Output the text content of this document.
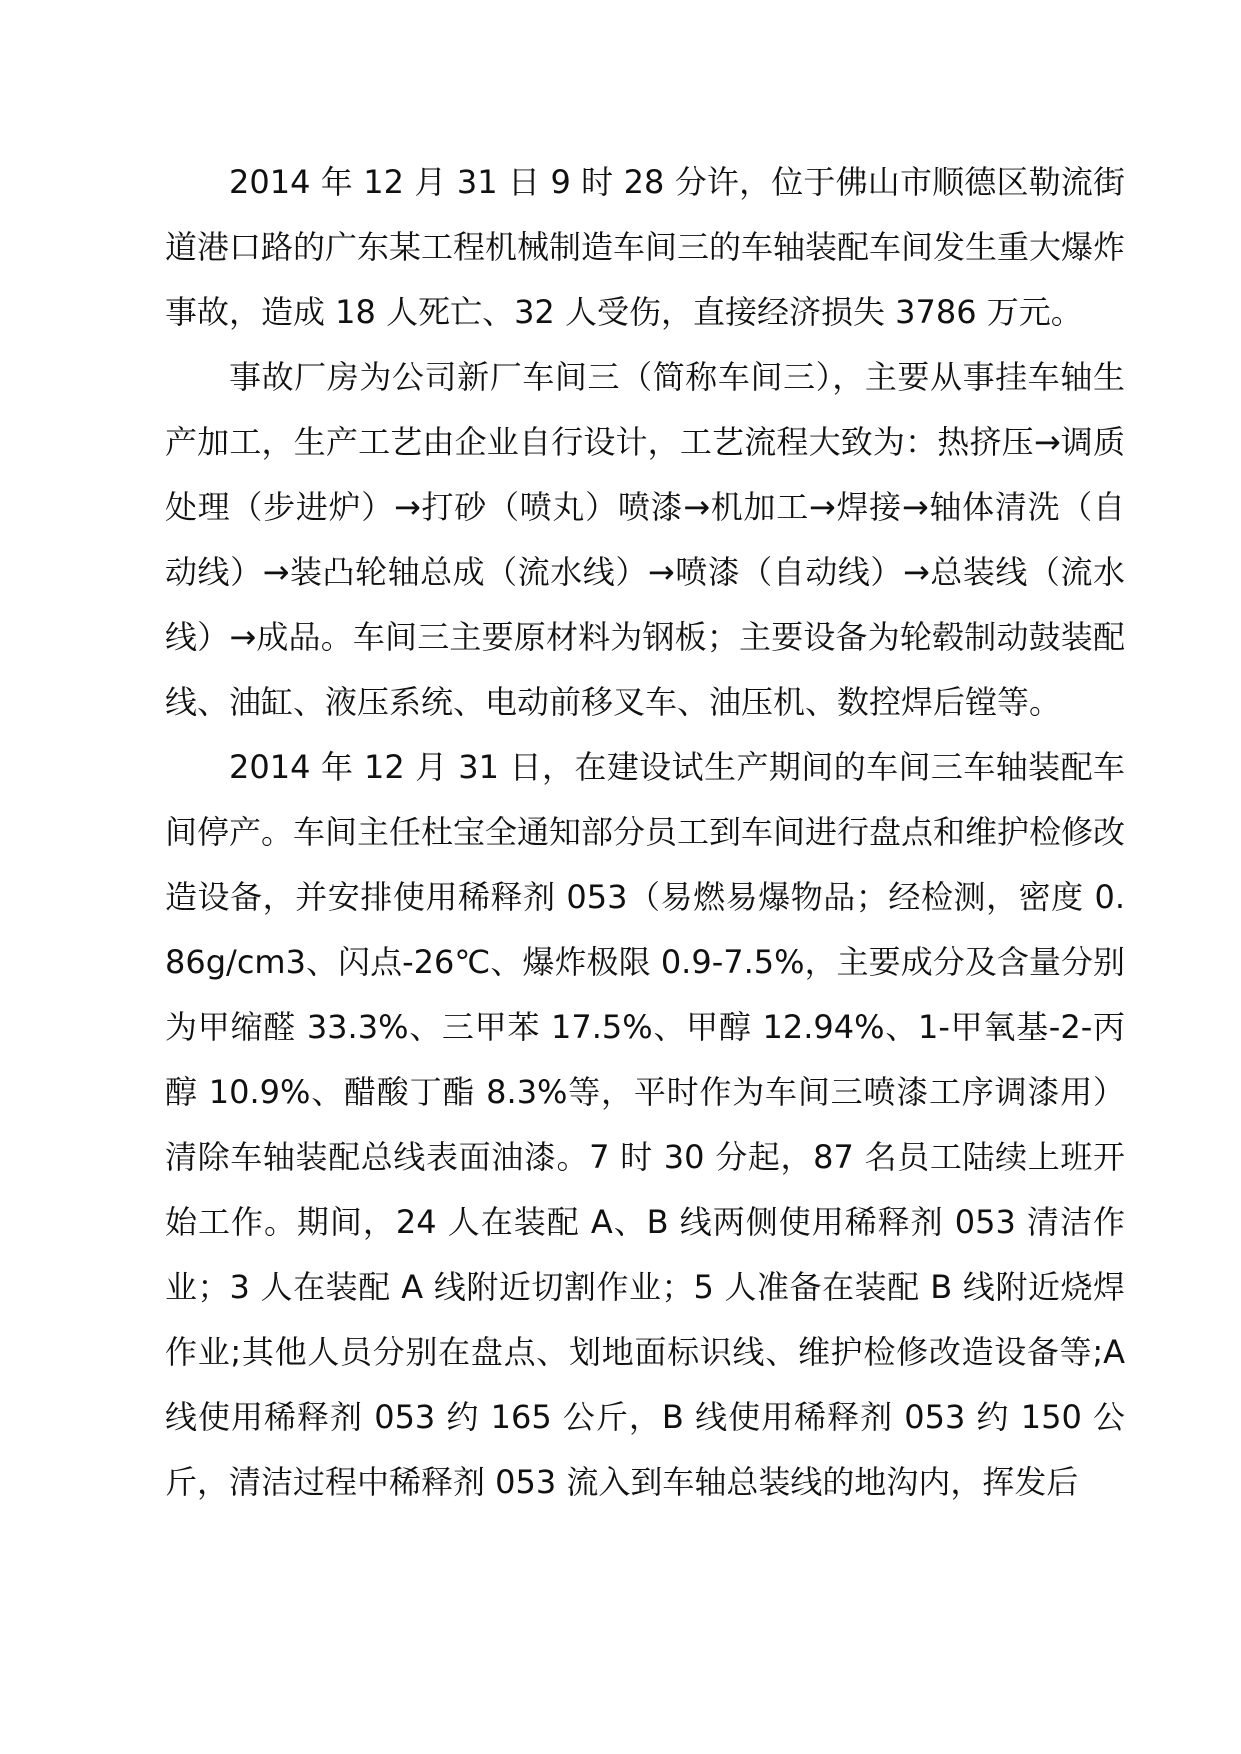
2014 年 12 月 31 日 9 时 28 分许，位于佛山市顺德区勒流街道港口路的广东某工程机械制造车间三的车轴装配车间发生重大爆炸事故，造成 18 人死亡、32 人受伤，直接经济损失 3786 万元。

事故厂房为公司新厂车间三（简称车间三），主要从事挂车轴生产加工，生产工艺由企业自行设计，工艺流程大致为：热挤压→调质处理（步进炉）→打砂（喷丸）喷漆→机加工→焊接→轴体清洗（自动线）→装凸轮轴总成（流水线）→喷漆（自动线）→总装线（流水线）→成品。车间三主要原材料为钢板；主要设备为轮毂制动鼓装配线、油缸、液压系统、电动前移叉车、油压机、数控焊后镗等。

2014 年 12 月 31 日，在建设试生产期间的车间三车轴装配车间停产。车间主任杜宝全通知部分员工到车间进行盘点和维护检修改造设备，并安排使用稀释剂 053（易燃易爆物品；经检测，密度 0.86g/cm3、闪点-26℃、爆炸极限 0.9-7.5%，主要成分及含量分别为甲缩醛 33.3%、三甲苯 17.5%、甲醇 12.94%、1-甲氧基-2-丙醇 10.9%、醋酸丁酯 8.3%等，平时作为车间三喷漆工序调漆用）清除车轴装配总线表面油漆。7 时 30 分起，87 名员工陆续上班开始工作。期间，24 人在装配 A、B 线两侧使用稀释剂 053 清洁作业；3 人在装配 A 线附近切割作业；5 人准备在装配 B 线附近烧焊作业;其他人员分别在盘点、划地面标识线、维护检修改造设备等;A 线使用稀释剂 053 约 165 公斤，B 线使用稀释剂 053 约 150 公斤，清洁过程中稀释剂 053 流入到车轴总装线的地沟内，挥发后
